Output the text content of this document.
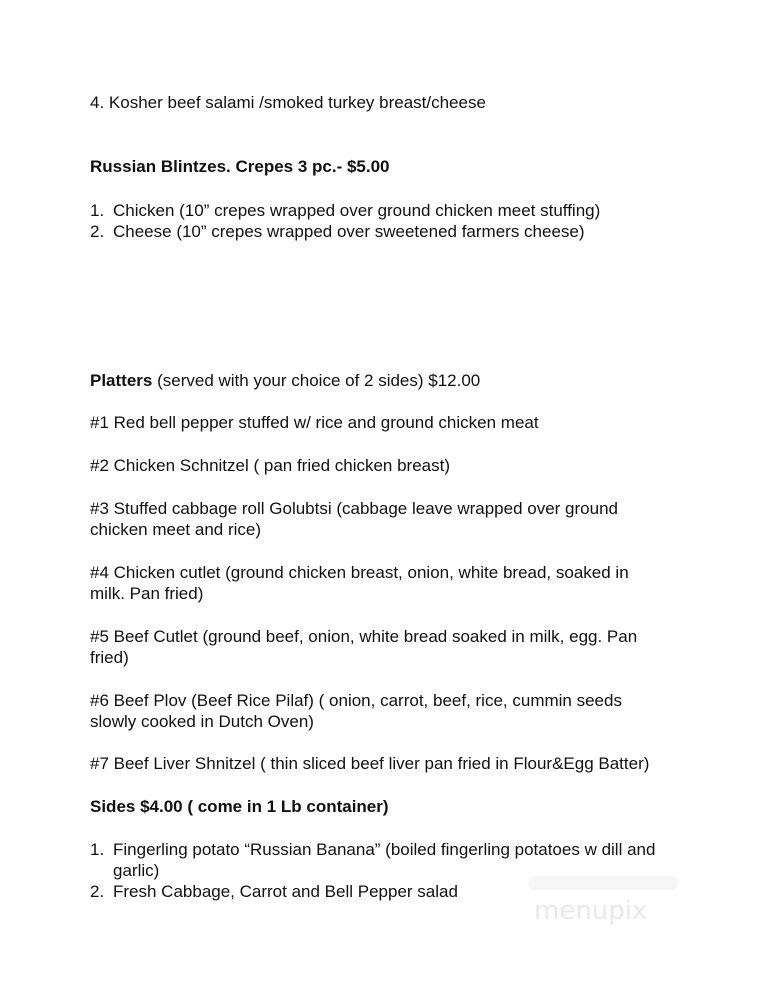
4. Kosher beef salami /smoked turkey breast/cheese
Russian Blintzes. Crepes 3 pc.- $5.00
1. Chicken (10” crepes wrapped over ground chicken meet stuffing)
2. Cheese (10” crepes wrapped over sweetened farmers cheese)
Platters (served with your choice of 2 sides) $12.00
#1 Red bell pepper stuffed w/ rice and ground chicken meat
#2 Chicken Schnitzel ( pan fried chicken breast)
#3 Stuffed cabbage roll Golubtsi (cabbage leave wrapped over ground
chicken meet and rice)
#4 Chicken cutlet (ground chicken breast, onion, white bread, soaked in
milk. Pan fried)
#5 Beef Cutlet (ground beef, onion, white bread soaked in milk, egg. Pan
fried)
#6 Beef Plov (Beef Rice Pilaf) ( onion, carrot, beef, rice, cummin seeds
slowly cooked in Dutch Oven)
#7 Beef Liver Shnitzel ( thin sliced beef liver pan fried in Flour&Egg Batter)
Sides $4.00 ( come in 1 Lb container)
1. Fingerling potato “Russian Banana” (boiled fingerling potatoes w dill and
garlic)
2. Fresh Cabbage, Carrot and Bell Pepper salad
menupix
